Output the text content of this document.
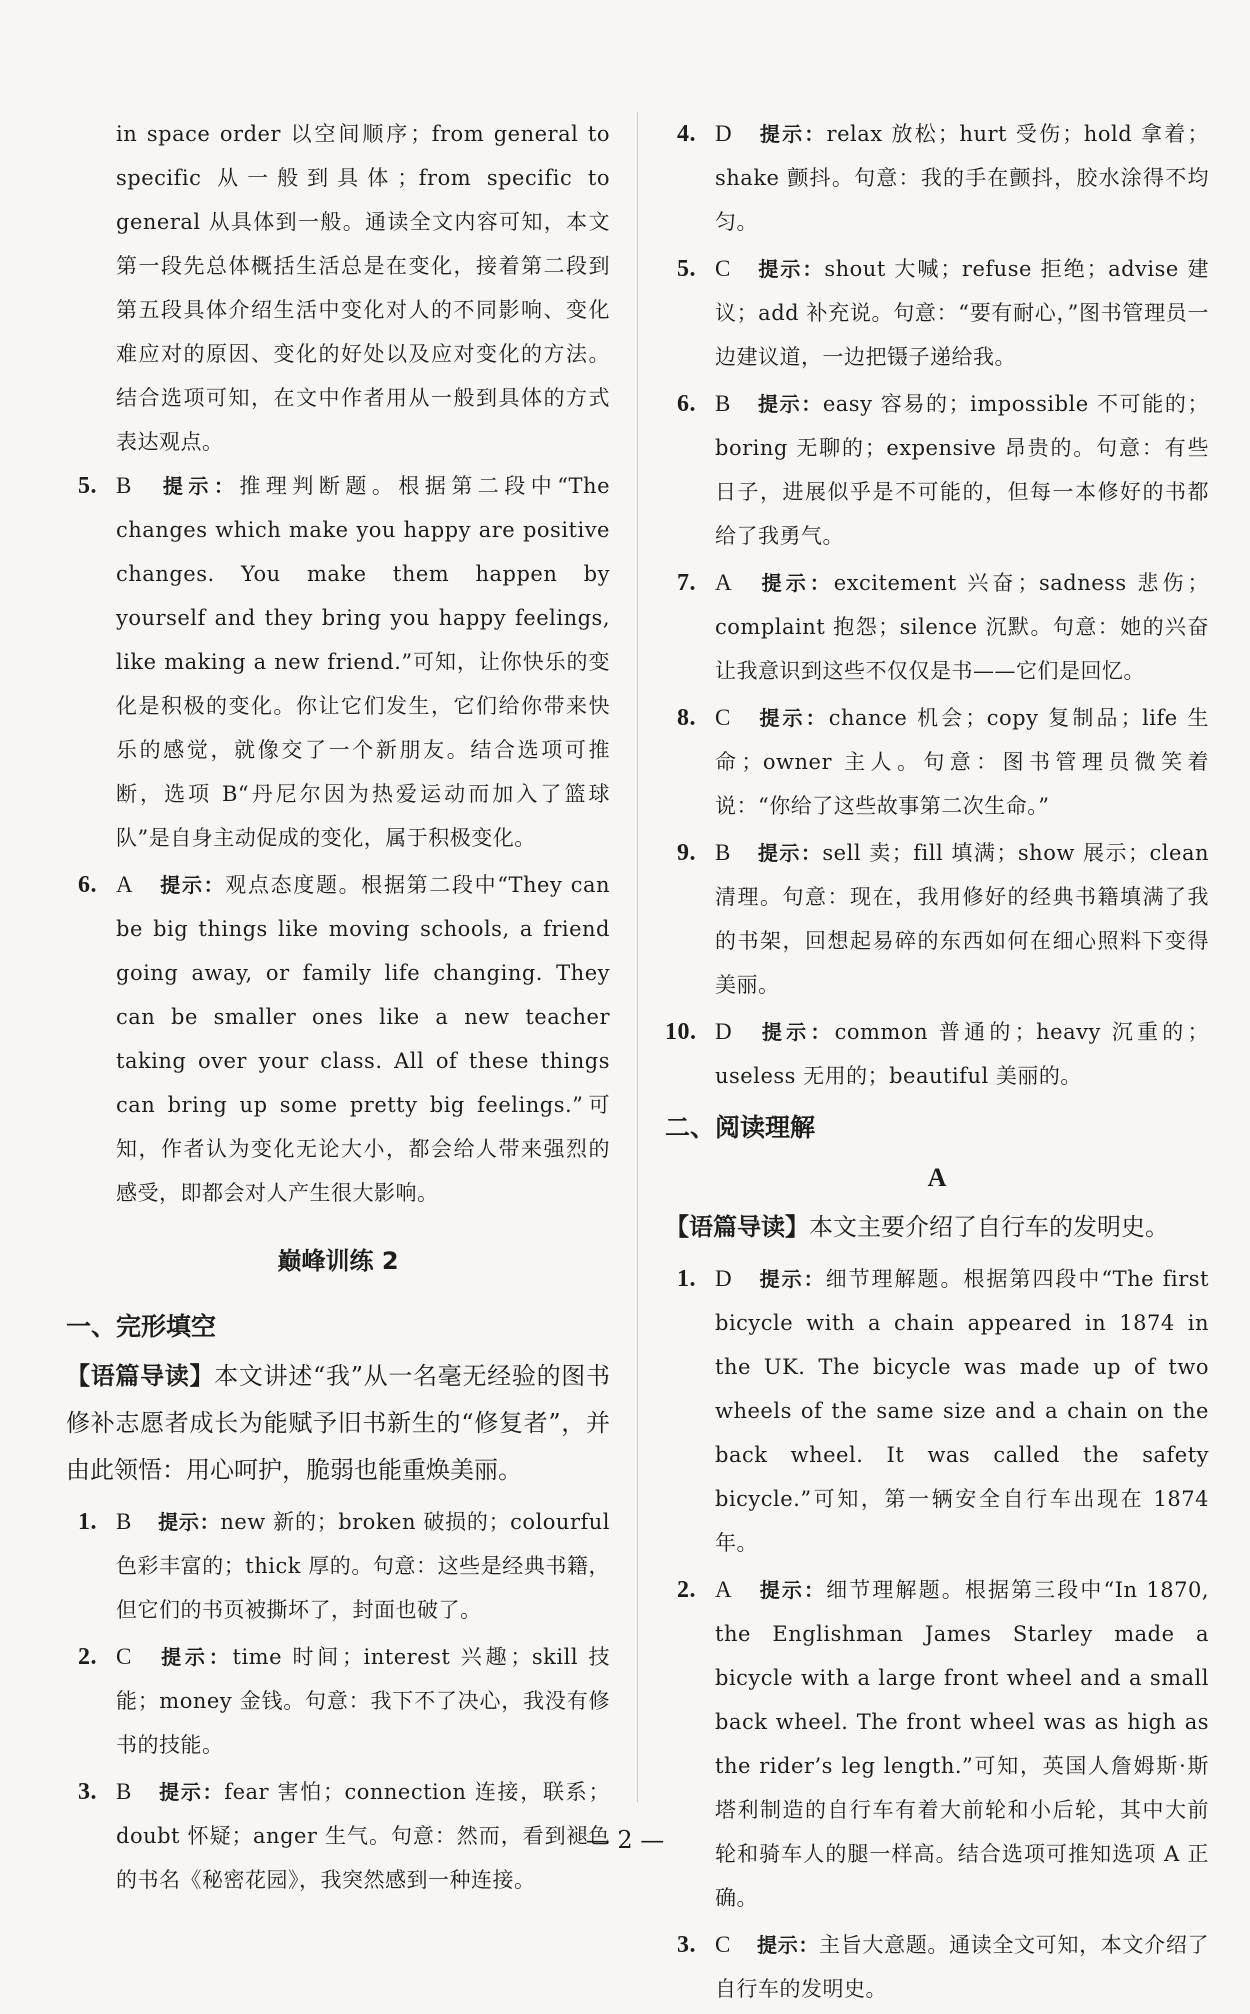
in space order 以空间顺序；from general to specific 从一般到具体；from specific to general 从具体到一般。通读全文内容可知，本文第一段先总体概括生活总是在变化，接着第二段到第五段具体介绍生活中变化对人的不同影响、变化难应对的原因、变化的好处以及应对变化的方法。结合选项可知，在文中作者用从一般到具体的方式表达观点。

5. B 提示：推理判断题。根据第二段中“The changes which make you happy are positive changes. You make them happen by yourself and they bring you happy feelings, like making a new friend.”可知，让你快乐的变化是积极的变化。你让它们发生，它们给你带来快乐的感觉，就像交了一个新朋友。结合选项可推断，选项 B“丹尼尔因为热爱运动而加入了篮球队”是自身主动促成的变化，属于积极变化。
6. A 提示：观点态度题。根据第二段中“They can be big things like moving schools, a friend going away, or family life changing. They can be smaller ones like a new teacher taking over your class. All of these things can bring up some pretty big feelings.”可知，作者认为变化无论大小，都会给人带来强烈的感受，即都会对人产生很大影响。
巅峰训练 2
一、完形填空

【语篇导读】本文讲述“我”从一名毫无经验的图书修补志愿者成长为能赋予旧书新生的“修复者”，并由此领悟：用心呵护，脆弱也能重焕美丽。

1. B 提示：new 新的；broken 破损的；colourful 色彩丰富的；thick 厚的。句意：这些是经典书籍，但它们的书页被撕坏了，封面也破了。
2. C 提示：time 时间；interest 兴趣；skill 技能；money 金钱。句意：我下不了决心，我没有修书的技能。
3. B 提示：fear 害怕；connection 连接，联系；doubt 怀疑；anger 生气。句意：然而，看到褪色的书名《秘密花园》，我突然感到一种连接。
4. D 提示：relax 放松；hurt 受伤；hold 拿着；shake 颤抖。句意：我的手在颤抖，胶水涂得不均匀。
5. C 提示：shout 大喊；refuse 拒绝；advise 建议；add 补充说。句意：“要有耐心，”图书管理员一边建议道，一边把镊子递给我。
6. B 提示：easy 容易的；impossible 不可能的；boring 无聊的；expensive 昂贵的。句意：有些日子，进展似乎是不可能的，但每一本修好的书都给了我勇气。
7. A 提示：excitement 兴奋；sadness 悲伤；complaint 抱怨；silence 沉默。句意：她的兴奋让我意识到这些不仅仅是书——它们是回忆。
8. C 提示：chance 机会；copy 复制品；life 生命；owner 主人。句意：图书管理员微笑着说：“你给了这些故事第二次生命。”
9. B 提示：sell 卖；fill 填满；show 展示；clean 清理。句意：现在，我用修好的经典书籍填满了我的书架，回想起易碎的东西如何在细心照料下变得美丽。
10. D 提示：common 普通的；heavy 沉重的；useless 无用的；beautiful 美丽的。
二、阅读理解
A

【语篇导读】本文主要介绍了自行车的发明史。

1. D 提示：细节理解题。根据第四段中“The first bicycle with a chain appeared in 1874 in the UK. The bicycle was made up of two wheels of the same size and a chain on the back wheel. It was called the safety bicycle.”可知，第一辆安全自行车出现在 1874 年。
2. A 提示：细节理解题。根据第三段中“In 1870, the Englishman James Starley made a bicycle with a large front wheel and a small back wheel. The front wheel was as high as the rider’s leg length.”可知，英国人詹姆斯·斯塔利制造的自行车有着大前轮和小后轮，其中大前轮和骑车人的腿一样高。结合选项可推知选项 A 正确。
3. C 提示：主旨大意题。通读全文可知，本文介绍了自行车的发明史。
— 2 —
